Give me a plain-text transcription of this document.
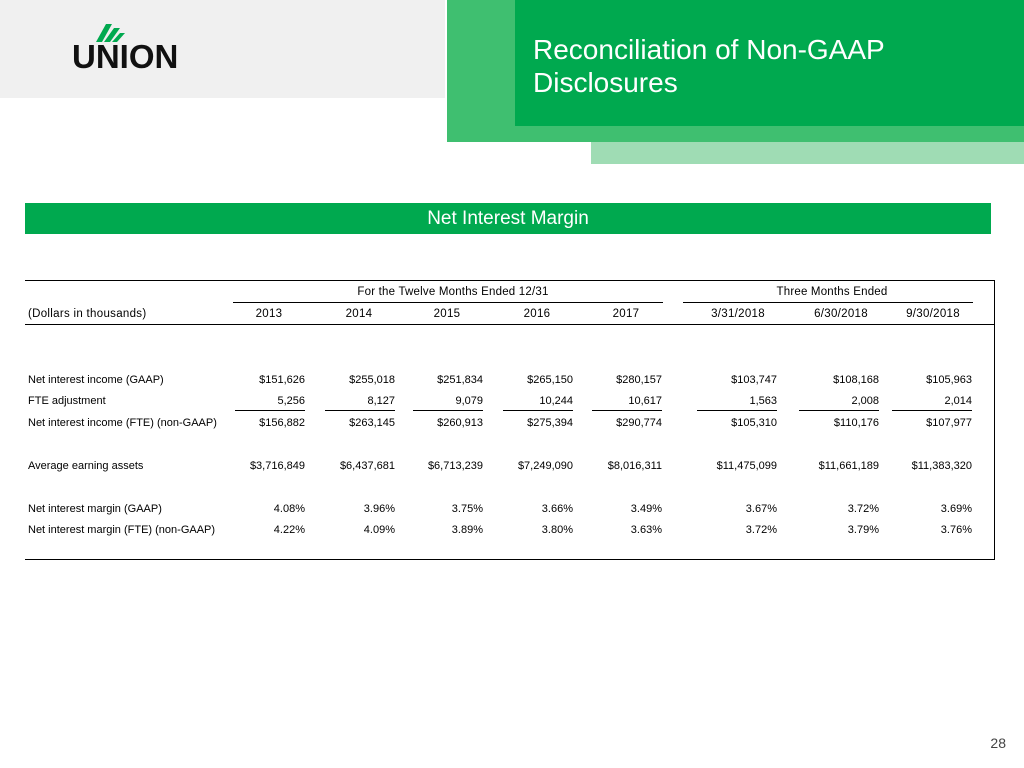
UNION	Reconciliation of Non-GAAP Disclosures
Net Interest Margin
For the Twelve Months Ended 12/31	Three Months Ended
(Dollars in thousands)	2013	2014	2015	2016	2017	3/31/2018	6/30/2018	9/30/2018
Net interest income (GAAP)	$151,626	$255,018	$251,834	$265,150	$280,157	$103,747	$108,168	$105,963
FTE adjustment	5,256	8,127	9,079	10,244	10,617	1,563	2,008	2,014
Net interest income (FTE) (non-GAAP)	$156,882	$263,145	$260,913	$275,394	$290,774	$105,310	$110,176	$107,977
Average earning assets	$3,716,849	$6,437,681	$6,713,239	$7,249,090	$8,016,311	$11,475,099	$11,661,189	$11,383,320
Net interest margin (GAAP)	4.08%	3.96%	3.75%	3.66%	3.49%	3.67%	3.72%	3.69%
Net interest margin (FTE) (non-GAAP)	4.22%	4.09%	3.89%	3.80%	3.63%	3.72%	3.79%	3.76%
28
